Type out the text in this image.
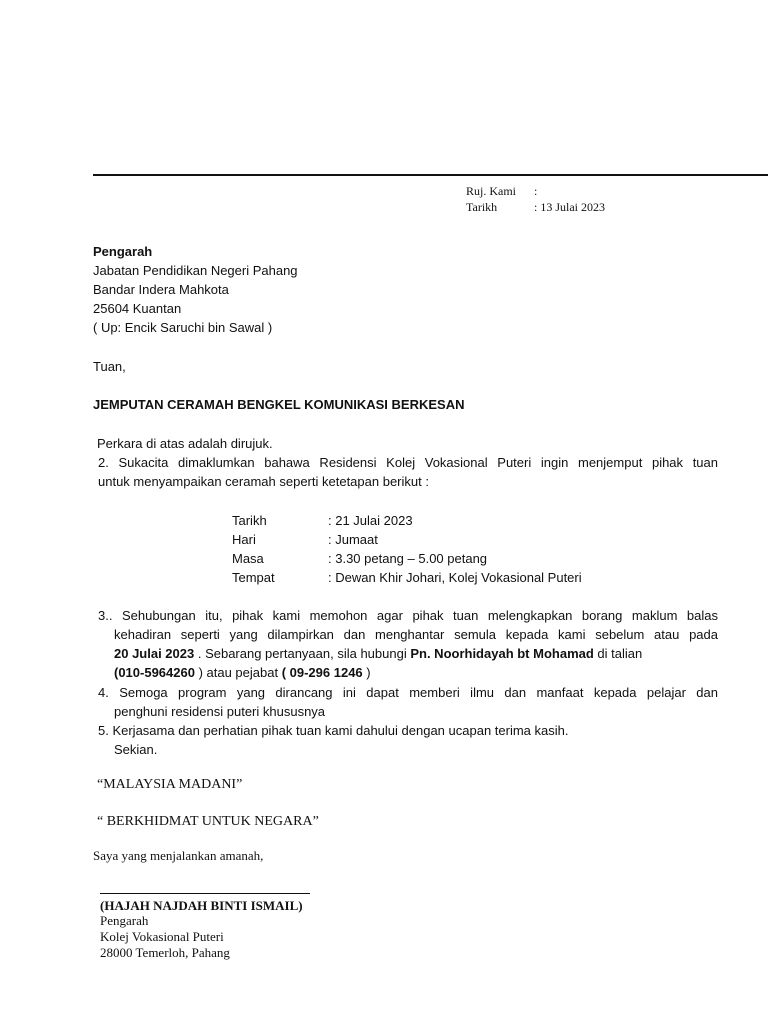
Ruj. Kami :
Tarikh	: 13 Julai 2023
Pengarah
Jabatan Pendidikan Negeri Pahang
Bandar Indera Mahkota
25604 Kuantan
( Up: Encik Saruchi bin Sawal )
Tuan,
JEMPUTAN CERAMAH BENGKEL KOMUNIKASI BERKESAN
Perkara di atas adalah dirujuk.
2. Sukacita dimaklumkan bahawa Residensi Kolej Vokasional Puteri ingin menjemput pihak tuan
untuk menyampaikan ceramah seperti ketetapan berikut :
Tarikh	: 21 Julai 2023
Hari	: Jumaat
Masa	: 3.30 petang – 5.00 petang
Tempat	: Dewan Khir Johari, Kolej Vokasional Puteri
3.. Sehubungan itu, pihak kami memohon agar pihak tuan melengkapkan borang maklum balas
kehadiran seperti yang dilampirkan dan menghantar semula kepada kami sebelum atau pada
20 Julai 2023 . Sebarang pertanyaan, sila hubungi Pn. Noorhidayah bt Mohamad di talian
(010-5964260 ) atau pejabat ( 09-296 1246 )
4. Semoga program yang dirancang ini dapat memberi ilmu dan manfaat kepada pelajar dan
penghuni residensi puteri khususnya
5. Kerjasama dan perhatian pihak tuan kami dahului dengan ucapan terima kasih.
Sekian.
“MALAYSIA MADANI”
“ BERKHIDMAT UNTUK NEGARA”
Saya yang menjalankan amanah,
(HAJAH NAJDAH BINTI ISMAIL)
Pengarah
Kolej Vokasional Puteri
28000 Temerloh, Pahang
